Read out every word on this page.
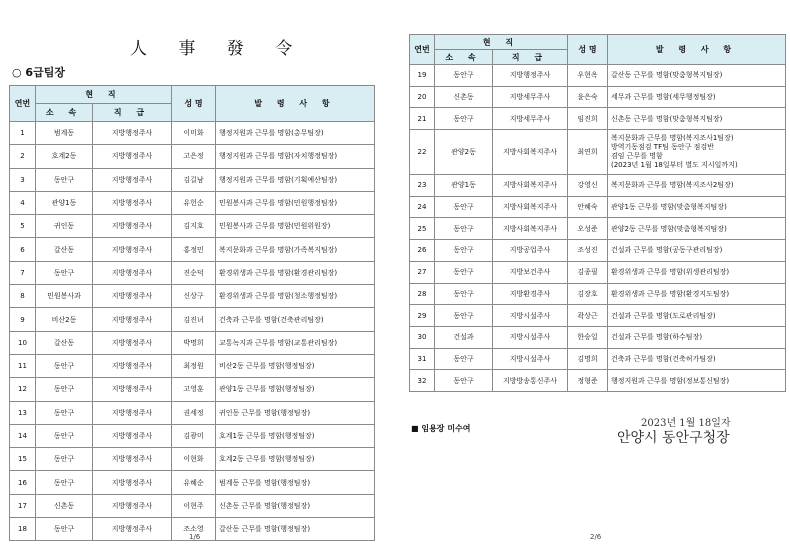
人 事 發 令
○ 6급팀장
연번	현 직		성 명	발 령 사 항
	소 속	직 급		
1	범계동	지방행정주사	이미화	행정지원과 근무를 명함(총무팀장)
2	호계2동	지방행정주사	고은정	행정지원과 근무를 명함(자치행정팀장)
3	동안구	지방행정주사	김길남	행정지원과 근무를 명함(기획예산팀장)
4	관양1동	지방행정주사	유헌순	민원봉사과 근무를 명함(민원행정팀장)
5	귀인동	지방행정주사	김지호	민원봉사과 근무를 명함(민원위원장)
6	갈산동	지방행정주사	홍정민	복지문화과 근무를 명함(가족복지팀장)
7	동안구	지방행정주사	진순덕	환경위생과 근무를 명함(환경관리팀장)
8	민원봉사과	지방행정주사	신상구	환경위생과 근무를 명함(청소행정팀장)
9	비산2동	지방행정주사	김진녀	건축과 근무를 명함(건축관리팀장)
10	갈산동	지방행정주사	박명희	교통녹지과 근무를 명함(교통관리팀장)
11	동안구	지방행정주사	최정원	비산2동 근무를 명함(행정팀장)
12	동안구	지방행정주사	고영훈	관양1동 근무를 명함(행정팀장)
13	동안구	지방행정주사	권세정	귀인동 근무를 명함(행정팀장)
14	동안구	지방행정주사	김광미	호계1동 근무를 명함(행정팀장)
15	동안구	지방행정주사	이현화	호계2동 근무를 명함(행정팀장)
16	동안구	지방행정주사	유혜순	범계동 근무를 명함(행정팀장)
17	신촌동	지방행정주사	이현주	신촌동 근무를 명함(행정팀장)
18	동안구	지방행정주사	조소영	갈산동 근무를 명함(행정팀장)
1/6
연번	현 직		성 명	발 령 사 항
	소 속	직 급		
19	동안구	지방행정주사	우현옥	갈산동 근무를 명함(맞춤형복지팀장)
20	신촌동	지방세무주사	윤은숙	세무과 근무를 명함(세무행정팀장)
21	동안구	지방세무주사	임진희	신촌동 근무를 명함(맞춤형복지팀장)
22	관양2동	지방사회복지주사	최연희	복지문화과 근무를 명함(복지조사1팀장)
방역기동점검 TF팀 동안구 점검반
겸임 근무를 명함
(2023년 1월 18일부터 별도 지시일까지)

23	관양1동	지방사회복지주사	강영신	복지문화과 근무를 명함(복지조사2팀장)
24	동안구	지방사회복지주사	안혜숙	관양1동 근무를 명함(맞춤형복지팀장)
25	동안구	지방사회복지주사	오성준	관양2동 근무를 명함(맞춤형복지팀장)
26	동안구	지방공업주사	조성진	건설과 근무를 명함(공동구관리팀장)
27	동안구	지방보건주사	김종필	환경위생과 근무를 명함(위생관리팀장)
28	동안구	지방환경주사	김장호	환경위생과 근무를 명함(환경지도팀장)
29	동안구	지방시설주사	곽상근	건설과 근무를 명함(도로관리팀장)
30	건설과	지방시설주사	한승일	건설과 근무를 명함(하수팀장)
31	동안구	지방시설주사	김명희	건축과 근무를 명함(건축허가팀장)
32	동안구	지방방송통신주사	정형준	행정지원과 근무를 명함(정보통신팀장)
■ 임용장 미수여	2023년 1월 18일자
안양시 동안구청장
2/6
